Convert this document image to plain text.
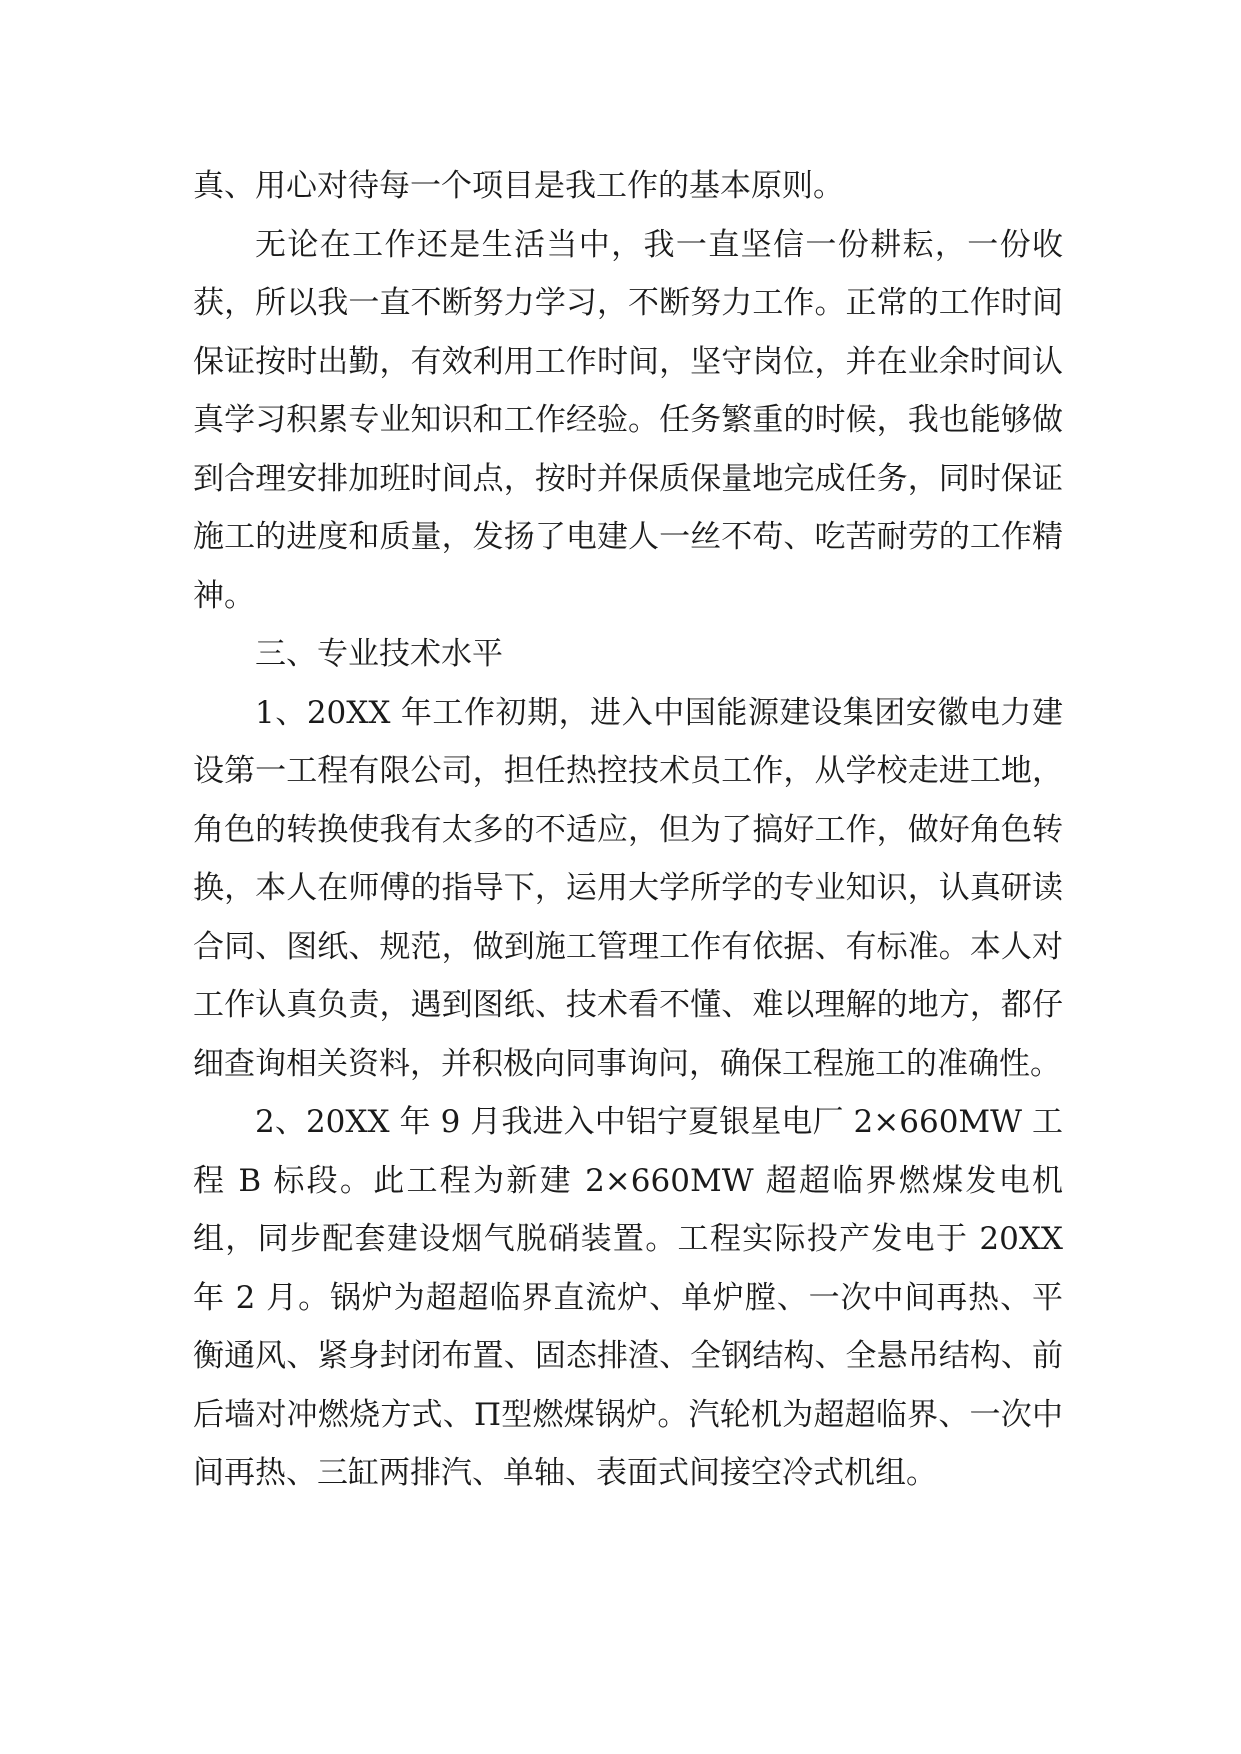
真、用心对待每一个项目是我工作的基本原则。

无论在工作还是生活当中，我一直坚信一份耕耘，一份收获，所以我一直不断努力学习，不断努力工作。正常的工作时间保证按时出勤，有效利用工作时间，坚守岗位，并在业余时间认真学习积累专业知识和工作经验。任务繁重的时候，我也能够做到合理安排加班时间点，按时并保质保量地完成任务，同时保证施工的进度和质量，发扬了电建人一丝不苟、吃苦耐劳的工作精神。

三、专业技术水平

1、20XX 年工作初期，进入中国能源建设集团安徽电力建设第一工程有限公司，担任热控技术员工作，从学校走进工地，角色的转换使我有太多的不适应，但为了搞好工作，做好角色转换，本人在师傅的指导下，运用大学所学的专业知识，认真研读合同、图纸、规范，做到施工管理工作有依据、有标准。本人对工作认真负责，遇到图纸、技术看不懂、难以理解的地方，都仔细查询相关资料，并积极向同事询问，确保工程施工的准确性。

2、20XX 年 9 月我进入中铝宁夏银星电厂 2×660MW 工程 B 标段。此工程为新建 2×660MW 超超临界燃煤发电机组，同步配套建设烟气脱硝装置。工程实际投产发电于 20XX 年 2 月。锅炉为超超临界直流炉、单炉膛、一次中间再热、平衡通风、紧身封闭布置、固态排渣、全钢结构、全悬吊结构、前后墙对冲燃烧方式、Π型燃煤锅炉。汽轮机为超超临界、一次中间再热、三缸两排汽、单轴、表面式间接空冷式机组。
